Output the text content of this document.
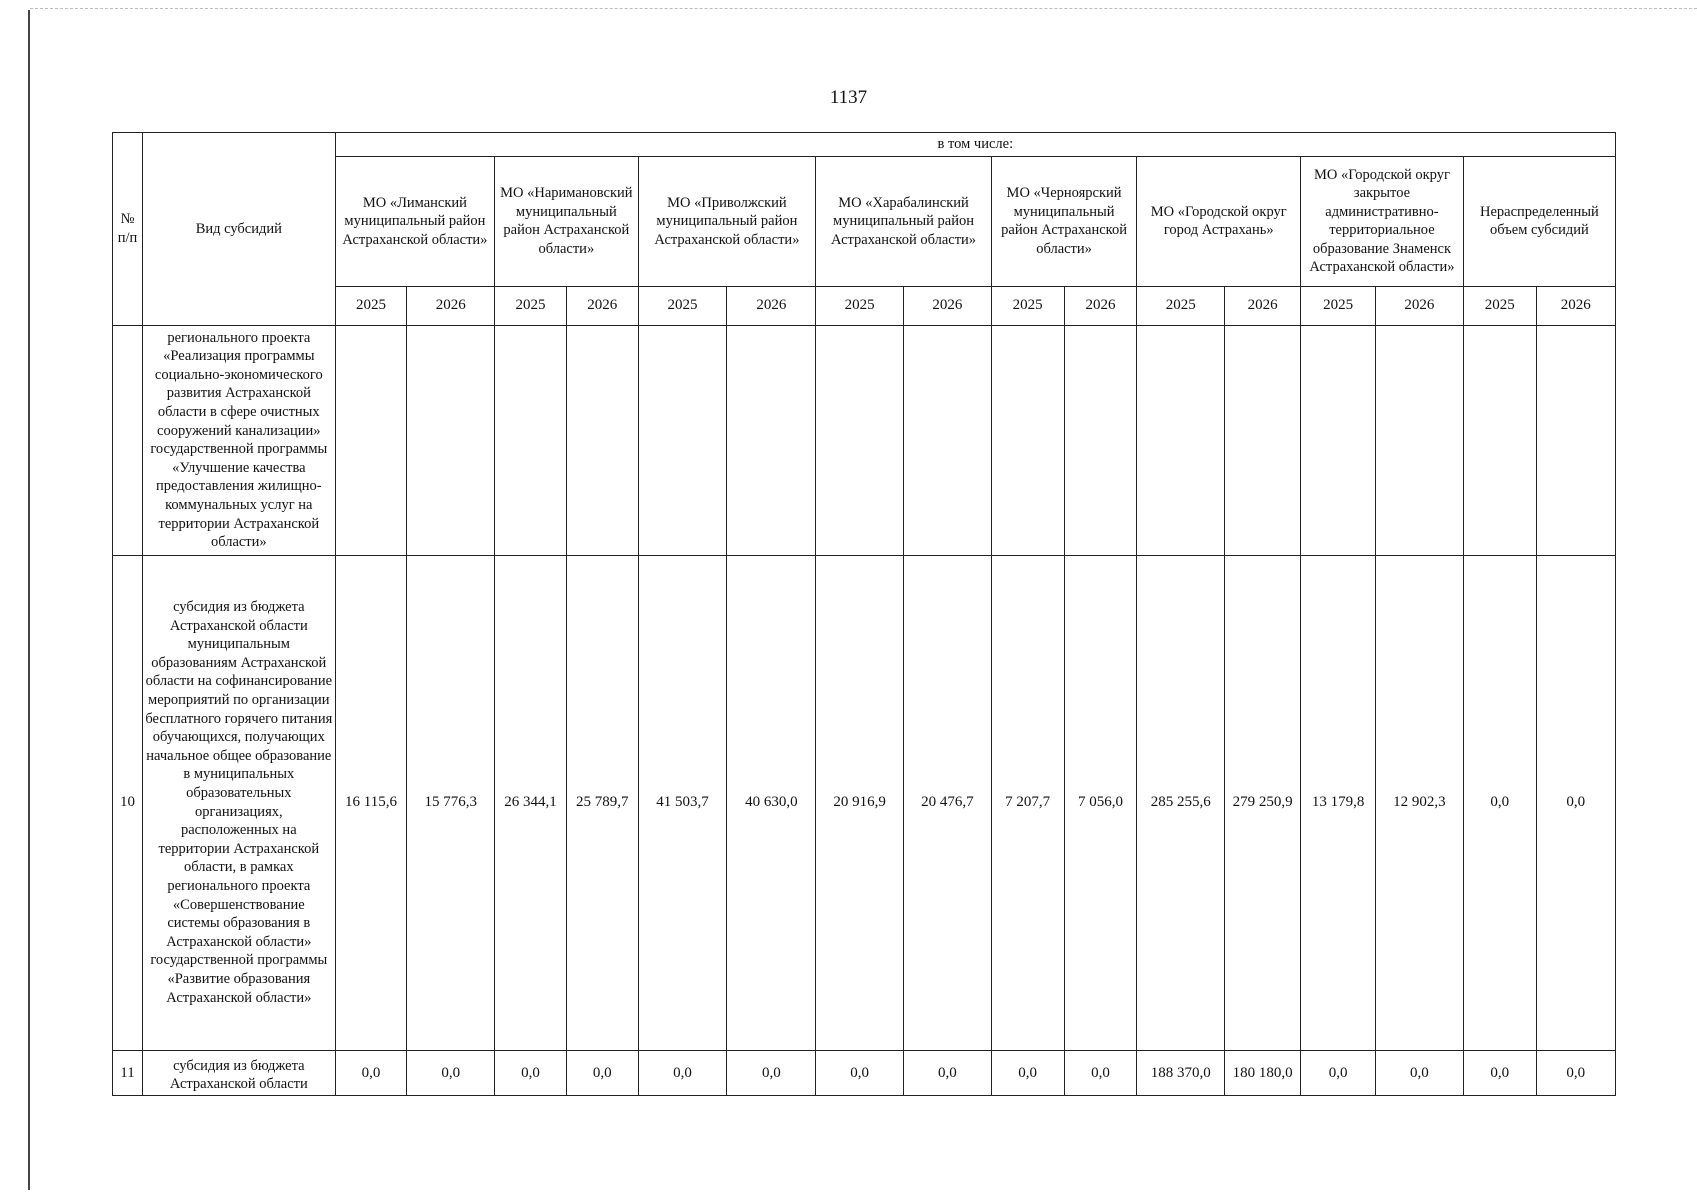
1137
№ п/п	Вид субсидий	в том числе:															
		МО «Лиманский муниципальный район Астраханской области»		МО «Наримановский муниципальный район Астраханской области»		МО «Приволжский муниципальный район Астраханской области»		МО «Харабалинский муниципальный район Астраханской области»		МО «Черноярский муниципальный район Астраханской области»		МО «Городской округ город Астрахань»		МО «Городской округ закрытое административно-территориальное образование Знаменск Астраханской области»		Нераспределенный объем субсидий	
		2025	2026	2025	2026	2025	2026	2025	2026	2025	2026	2025	2026	2025	2026	2025	2026
	регионального проекта «Реализация программы социально-экономического развития Астраханской области в сфере очистных сооружений канализации» государственной программы «Улучшение качества предоставления жилищно-коммунальных услуг на территории Астраханской области»																
10	субсидия из бюджета Астраханской области муниципальным образованиям Астраханской области на софинансирование мероприятий по организации бесплатного горячего питания обучающихся, получающих начальное общее образование в муниципальных образовательных организациях, расположенных на территории Астраханской области, в рамках регионального проекта «Совершенствование системы образования в Астраханской области» государственной программы «Развитие образования Астраханской области»	16 115,6	15 776,3	26 344,1	25 789,7	41 503,7	40 630,0	20 916,9	20 476,7	7 207,7	7 056,0	285 255,6	279 250,9	13 179,8	12 902,3	0,0	0,0
11	субсидия из бюджета Астраханской области	0,0	0,0	0,0	0,0	0,0	0,0	0,0	0,0	0,0	0,0	188 370,0	180 180,0	0,0	0,0	0,0	0,0
